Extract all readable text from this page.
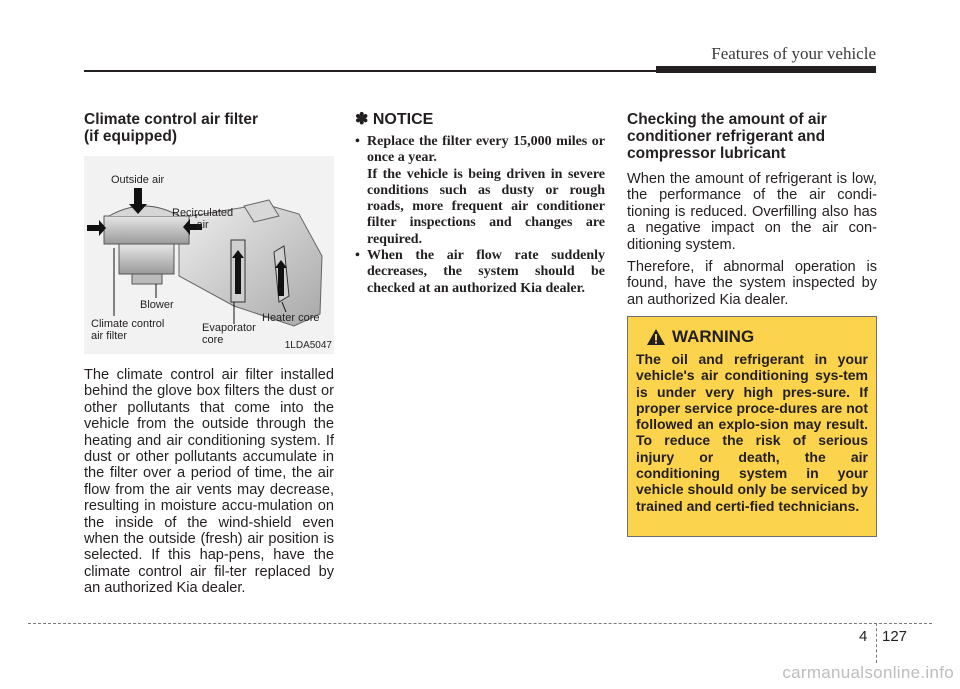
Features of your vehicle
Climate control air filter
(if equipped)
Outside air
Recirculated
air
Blower
Climate control
air filter
Evaporator
core
Heater core
1LDA5047

The climate control air filter installed behind the glove box filters the dust or other pollutants that come into the vehicle from the outside through the heating and air conditioning system. If dust or other pollutants accumulate in the filter over a period of time, the air flow from the air vents may decrease, resulting in moisture accu-mulation on the inside of the wind-shield even when the outside (fresh) air position is selected. If this hap-pens, have the climate control air fil-ter replaced by an authorized Kia dealer.

✽ NOTICE
• Replace the filter every 15,000 miles or once a year.
If the vehicle is being driven in severe conditions such as dusty or rough roads, more frequent air conditioner filter inspections and changes are required.
• When the air flow rate suddenly decreases, the system should be checked at an authorized Kia dealer.
Checking the amount of air
conditioner refrigerant and
compressor lubricant

When the amount of refrigerant is low, the performance of the air condi-tioning is reduced. Overfilling also has a negative impact on the air con-ditioning system.

Therefore, if abnormal operation is found, have the system inspected by an authorized Kia dealer.

WARNING

The oil and refrigerant in your vehicle's air conditioning sys-tem is under very high pres-sure. If proper service proce-dures are not followed an explo-sion may result. To reduce the risk of serious injury or death, the air conditioning system in your vehicle should only be serviced by trained and certi-fied technicians.

4 127
carmanualsonline.info
